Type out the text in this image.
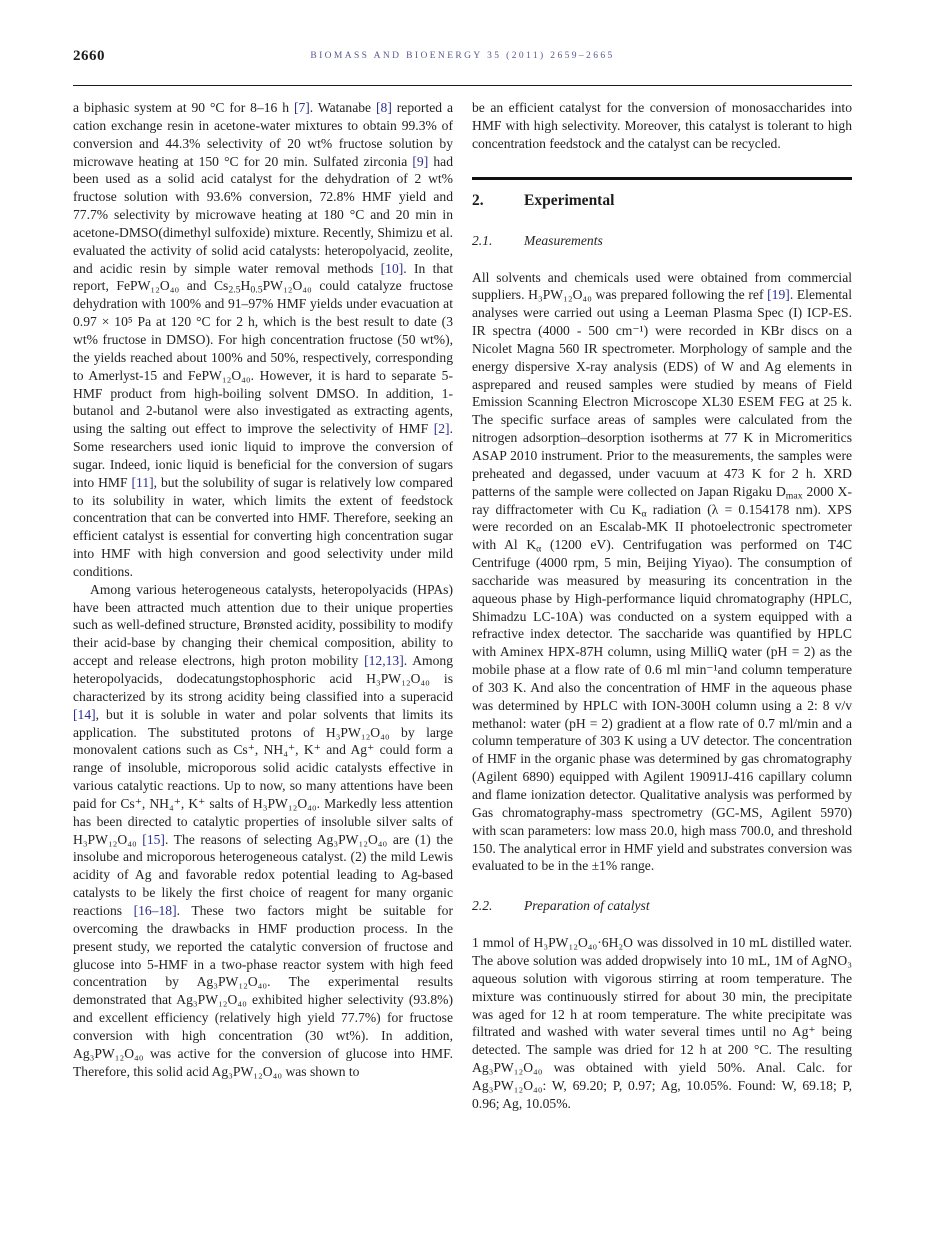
2660	BIOMASS AND BIOENERGY 35 (2011) 2659–2665

a biphasic system at 90 °C for 8–16 h [7]. Watanabe [8] reported a cation exchange resin in acetone-water mixtures to obtain 99.3% of conversion and 44.3% selectivity of 20 wt% fructose solution by microwave heating at 150 °C for 20 min. Sulfated zirconia [9] had been used as a solid acid catalyst for the dehydration of 2 wt% fructose solution with 93.6% conversion, 72.8% HMF yield and 77.7% selectivity by microwave heating at 180 °C and 20 min in acetone-DMSO(dimethyl sulfoxide) mixture. Recently, Shimizu et al. evaluated the activity of solid acid catalysts: heteropolyacid, zeolite, and acidic resin by simple water removal methods [10]. In that report, FePW₁₂O₄₀ and $Cs_{2.5}H_{0.5}PW_{12}O_{40}$ could catalyze fructose dehydration with 100% and 91–97% HMF yields under evacuation at 0.97 × 10⁵ Pa at 120 °C for 2 h, which is the best result to date (3 wt% fructose in DMSO). For high concentration fructose (50 wt%), the yields reached about 100% and 50%, respectively, corresponding to Amerlyst-15 and FePW₁₂O₄₀. However, it is hard to separate 5-HMF product from high-boiling solvent DMSO. In addition, 1-butanol and 2-butanol were also investigated as extracting agents, using the salting out effect to improve the selectivity of HMF [2]. Some researchers used ionic liquid to improve the conversion of sugar. Indeed, ionic liquid is beneficial for the conversion of sugars into HMF [11], but the solubility of sugar is relatively low compared to its solubility in water, which limits the extent of feedstock concentration that can be converted into HMF. Therefore, seeking an efficient catalyst is essential for converting high concentration sugar into HMF with high conversion and good selectivity under mild conditions.

Among various heterogeneous catalysts, heteropolyacids (HPAs) have been attracted much attention due to their unique properties such as well-defined structure, Brønsted acidity, possibility to modify their acid-base by changing their chemical composition, ability to accept and release electrons, high proton mobility [12,13]. Among heteropolyacids, dodecatungstophosphoric acid H₃PW₁₂O₄₀ is characterized by its strong acidity being classified into a superacid [14], but it is soluble in water and polar solvents that limits its application. The substituted protons of H₃PW₁₂O₄₀ by large monovalent cations such as Cs⁺, NH₄⁺, K⁺ and Ag⁺ could form a range of insoluble, microporous solid acidic catalysts effective in various catalytic reactions. Up to now, so many attentions have been paid for Cs⁺, NH₄⁺, K⁺ salts of H₃PW₁₂O₄₀. Markedly less attention has been directed to catalytic properties of insoluble silver salts of H₃PW₁₂O₄₀ [15]. The reasons of selecting Ag₃PW₁₂O₄₀ are (1) the insolube and microporous heterogeneous catalyst. (2) the mild Lewis acidity of Ag and favorable redox potential leading to Ag-based catalysts to be likely the first choice of reagent for many organic reactions [16–18]. These two factors might be suitable for overcoming the drawbacks in HMF production process. In the present study, we reported the catalytic conversion of fructose and glucose into 5-HMF in a two-phase reactor system with high feed concentration by Ag₃PW₁₂O₄₀. The experimental results demonstrated that Ag₃PW₁₂O₄₀ exhibited higher selectivity (93.8%) and excellent efficiency (relatively high yield 77.7%) for fructose conversion with high concentration (30 wt%). In addition, Ag₃PW₁₂O₄₀ was active for the conversion of glucose into HMF. Therefore, this solid acid Ag₃PW₁₂O₄₀ was shown to

be an efficient catalyst for the conversion of monosaccharides into HMF with high selectivity. Moreover, this catalyst is tolerant to high concentration feedstock and the catalyst can be recycled.

2.	Experimental
2.1. Measurements

All solvents and chemicals used were obtained from commercial suppliers. H₃PW₁₂O₄₀ was prepared following the ref [19]. Elemental analyses were carried out using a Leeman Plasma Spec (I) ICP-ES. IR spectra (4000 - 500 cm⁻¹) were recorded in KBr discs on a Nicolet Magna 560 IR spectrometer. Morphology of sample and the energy dispersive X-ray analysis (EDS) of W and Ag elements in asprepared and reused samples were studied by means of Field Emission Scanning Electron Microscope XL30 ESEM FEG at 25 k. The specific surface areas of samples were calculated from the nitrogen adsorption–desorption isotherms at 77 K in Micromeritics ASAP 2010 instrument. Prior to the measurements, the samples were preheated and degassed, under vacuum at 473 K for 2 h. XRD patterns of the sample were collected on Japan Rigaku $D_{max}$ 2000 X-ray diffractometer with Cu $K_\alpha$ radiation (λ = 0.154178 nm). XPS were recorded on an Escalab-MK II photoelectronic spectrometer with Al $K_\alpha$ (1200 eV). Centrifugation was performed on T4C Centrifuge (4000 rpm, 5 min, Beijing Yiyao). The consumption of saccharide was measured by measuring its concentration in the aqueous phase by High-performance liquid chromatography (HPLC, Shimadzu LC-10A) was conducted on a system equipped with a refractive index detector. The saccharide was quantified by HPLC with Aminex HPX-87H column, using MilliQ water (pH = 2) as the mobile phase at a flow rate of 0.6 ml min⁻¹and column temperature of 303 K. And also the concentration of HMF in the aqueous phase was determined by HPLC with ION-300H column using a 2: 8 v/v methanol: water (pH = 2) gradient at a flow rate of 0.7 ml/min and a column temperature of 303 K using a UV detector. The concentration of HMF in the organic phase was determined by gas chromatography (Agilent 6890) equipped with Agilent 19091J-416 capillary column and flame ionization detector. Qualitative analysis was performed by Gas chromatography-mass spectrometry (GC-MS, Agilent 5970) with scan parameters: low mass 20.0, high mass 700.0, and threshold 150. The analytical error in HMF yield and substrates conversion was evaluated to be in the ±1% range.

2.2. Preparation of catalyst

1 mmol of H₃PW₁₂O₄₀·6H₂O was dissolved in 10 mL distilled water. The above solution was added dropwisely into 10 mL, 1M of AgNO₃ aqueous solution with vigorous stirring at room temperature. The mixture was continuously stirred for about 30 min, the precipitate was aged for 12 h at room temperature. The white precipitate was filtrated and washed with water several times until no Ag⁺ being detected. The sample was dried for 12 h at 200 °C. The resulting Ag₃PW₁₂O₄₀ was obtained with yield 50%. Anal. Calc. for Ag₃PW₁₂O₄₀: W, 69.20; P, 0.97; Ag, 10.05%. Found: W, 69.18; P, 0.96; Ag, 10.05%.
